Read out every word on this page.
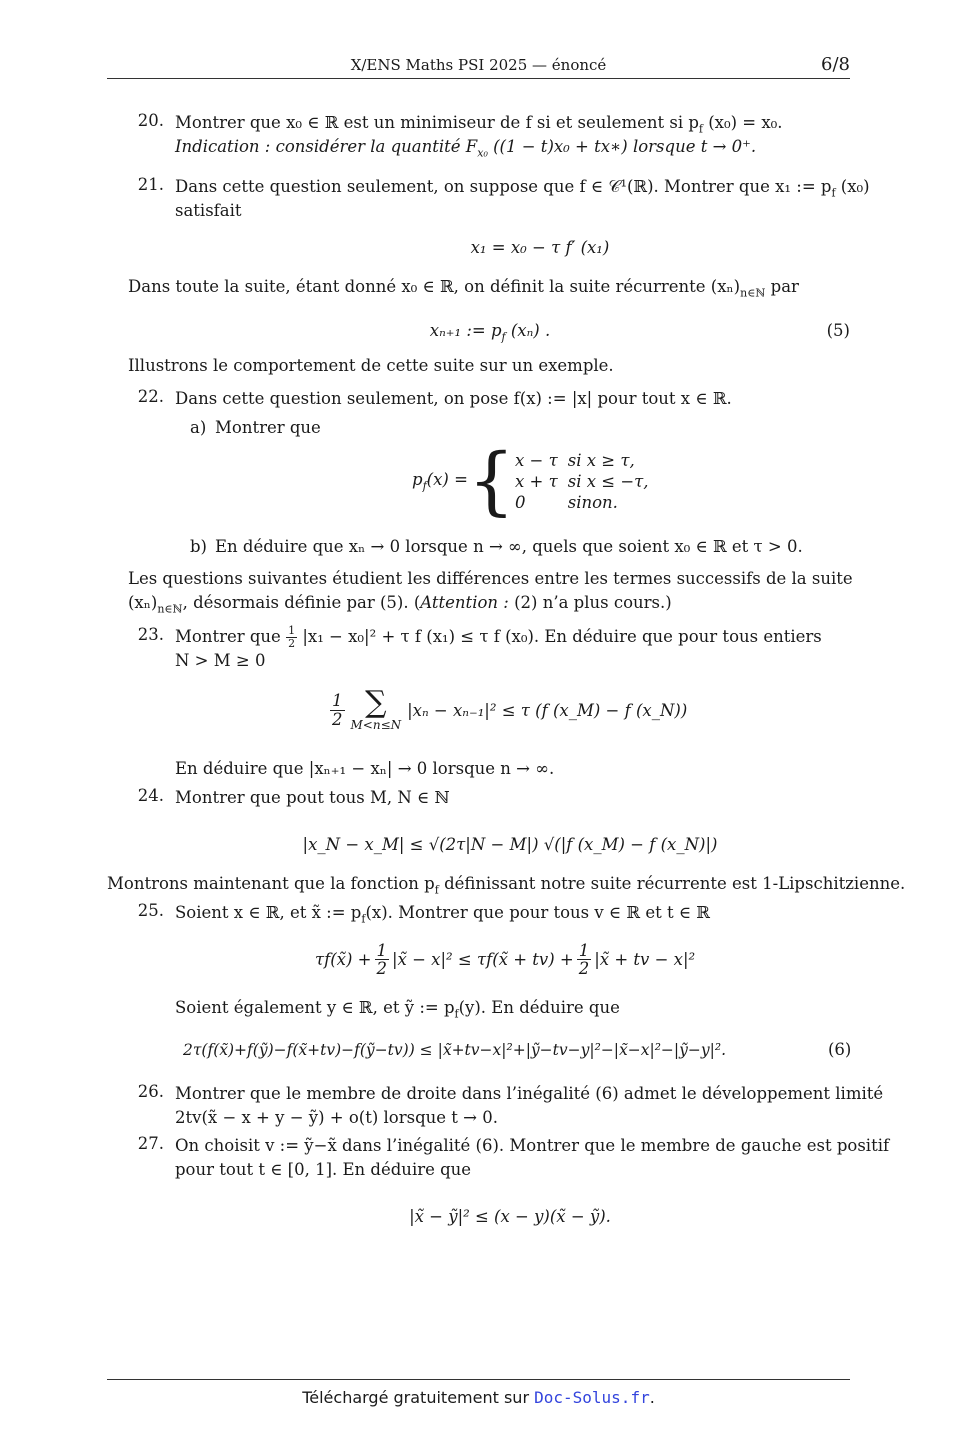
X/ENS Maths PSI 2025 — énoncé	6/8
20. Montrer que x₀ ∈ ℝ est un minimiseur de f si et seulement si $p_f$ (x₀) = x₀.
Indication : considérer la quantité $F_{x_0}$ ((1 − t)x₀ + tx∗) lorsque t → 0⁺.
21. Dans cette question seulement, on suppose que f ∈ 𝒞¹(ℝ). Montrer que x₁ := $p_f$ (x₀)
satisfait
x₁ = x₀ − τ f′ (x₁)
Dans toute la suite, étant donné x₀ ∈ ℝ, on définit la suite récurrente $(x_n)_{n\in ℕ}$ par
xₙ₊₁ := $p_f$ (xₙ) .	(5)
Illustrons le comportement de cette suite sur un exemple.
22. Dans cette question seulement, on pose f(x) := |x| pour tout x ∈ ℝ.
a) Montrer que
$p_f(x)$ = { x − τ	si x ≥ τ,
x + τ	si x ≤ −τ,
0	sinon.
b) En déduire que xₙ → 0 lorsque n → ∞, quels que soient x₀ ∈ ℝ et τ > 0.
Les questions suivantes étudient les différences entre les termes successifs de la suite
$(x_n)_{n\in ℕ}$, désormais définie par (5). (Attention : (2) n’a plus cours.)
23. Montrer que $\frac{1}{2} |x_1 - x_0|^2 + \tau$ f (x₁) ≤ τ f (x₀). En déduire que pour tous entiers
N > M ≥ 0
$\frac{1}{2}$ ∑
M<n≤N
|xₙ − xₙ₋₁|² ≤ τ (f (x_M) − f (x_N))
En déduire que |xₙ₊₁ − xₙ| → 0 lorsque n → ∞.
24. Montrer que pout tous M, N ∈ ℕ
|x_N − x_M| ≤ √(2τ|N − M|) √(|f (x_M) − f (x_N)|)
Montrons maintenant que la fonction $p_f$ définissant notre suite récurrente est 1-Lipschitzienne.
25. Soient x ∈ ℝ, et x̃ := $p_f(x)$. Montrer que pour tous v ∈ ℝ et t ∈ ℝ
τf(x̃) + $\frac{1}{2}$ |x̃ − x|² ≤ τf(x̃ + $tv) + \frac{1}{2}$ |x̃ + tv − x|²
Soient également y ∈ ℝ, et ỹ := $p_f(y)$. En déduire que
2τ(f(x̃)+f(ỹ)−f(x̃+tv)−f(ỹ−tv)) ≤ |x̃+tv−x|²+|ỹ−tv−y|²−|x̃−x|²−|ỹ−y|².	(6)
26. Montrer que le membre de droite dans l’inégalité (6) admet le développement limité
2tv(x̃ − x + y − ỹ) + o(t) lorsque t → 0.
27. On choisit v := ỹ−x̃ dans l’inégalité (6). Montrer que le membre de gauche est positif
pour tout t ∈ [0, 1]. En déduire que
|x̃ − ỹ|² ≤ (x − y)(x̃ − ỹ).
Téléchargé gratuitement sur Doc-Solus.fr.
